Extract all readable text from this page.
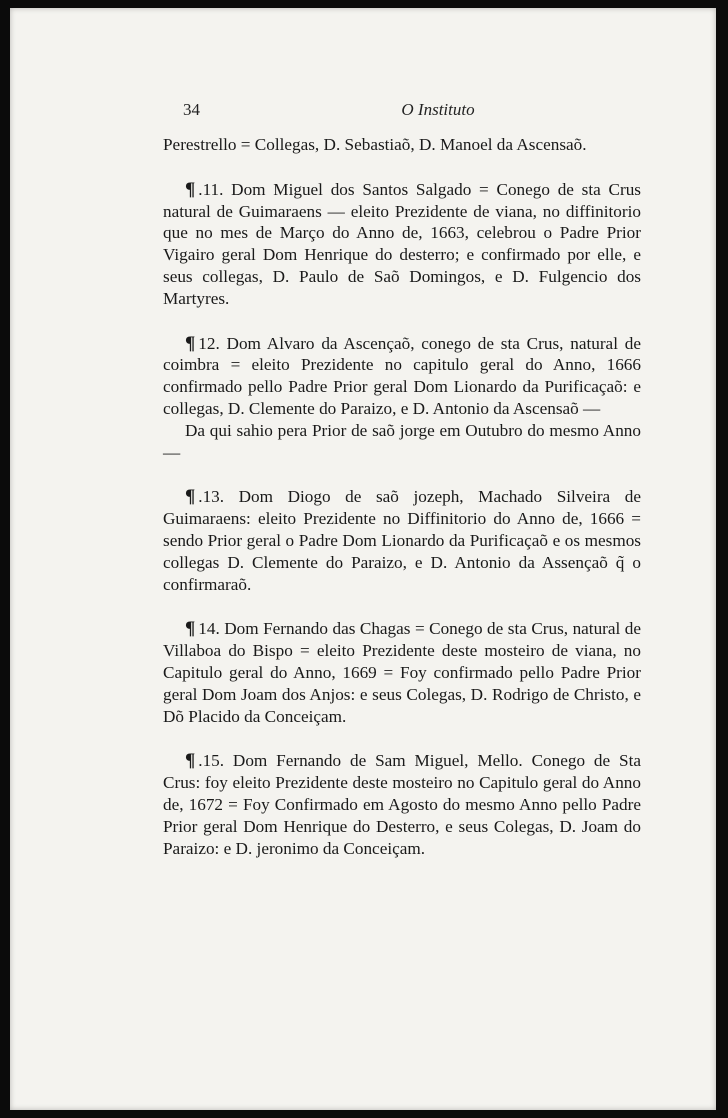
34	O Instituto

Perestrello = Collegas, D. Sebastiaõ, D. Manoel da Ascensaõ.

¶ .11. Dom Miguel dos Santos Salgado = Conego de sta Crus natural de Guimaraens — eleito Prezidente de viana, no diffinitorio que no mes de Março do Anno de, 1663, celebrou o Padre Prior Vigairo geral Dom Henrique do desterro; e confirmado por elle, e seus collegas, D. Paulo de Saõ Domingos, e D. Fulgencio dos Martyres.

¶ 12. Dom Alvaro da Ascençaõ, conego de sta Crus, natural de coimbra = eleito Prezidente no capitulo geral do Anno, 1666 confirmado pello Padre Prior geral Dom Lionardo da Purificaçaõ: e collegas, D. Clemente do Paraizo, e D. Antonio da Ascensaõ —

Da qui sahio pera Prior de saõ jorge em Outubro do mesmo Anno —

¶ .13. Dom Diogo de saõ jozeph, Machado Silveira de Guimaraens: eleito Prezidente no Diffinitorio do Anno de, 1666 = sendo Prior geral o Padre Dom Lionardo da Purificaçaõ e os mesmos collegas D. Clemente do Paraizo, e D. Antonio da Assençaõ q̃ o confirmaraõ.

¶ 14. Dom Fernando das Chagas = Conego de sta Crus, natural de Villaboa do Bispo = eleito Prezidente deste mosteiro de viana, no Capitulo geral do Anno, 1669 = Foy confirmado pello Padre Prior geral Dom Joam dos Anjos: e seus Colegas, D. Rodrigo de Christo, e Dõ Placido da Conceiçam.

¶ .15. Dom Fernando de Sam Miguel, Mello. Conego de Sta Crus: foy eleito Prezidente deste mosteiro no Capitulo geral do Anno de, 1672 = Foy Confirmado em Agosto do mesmo Anno pello Padre Prior geral Dom Henrique do Desterro, e seus Colegas, D. Joam do Paraizo: e D. jeronimo da Conceiçam.
